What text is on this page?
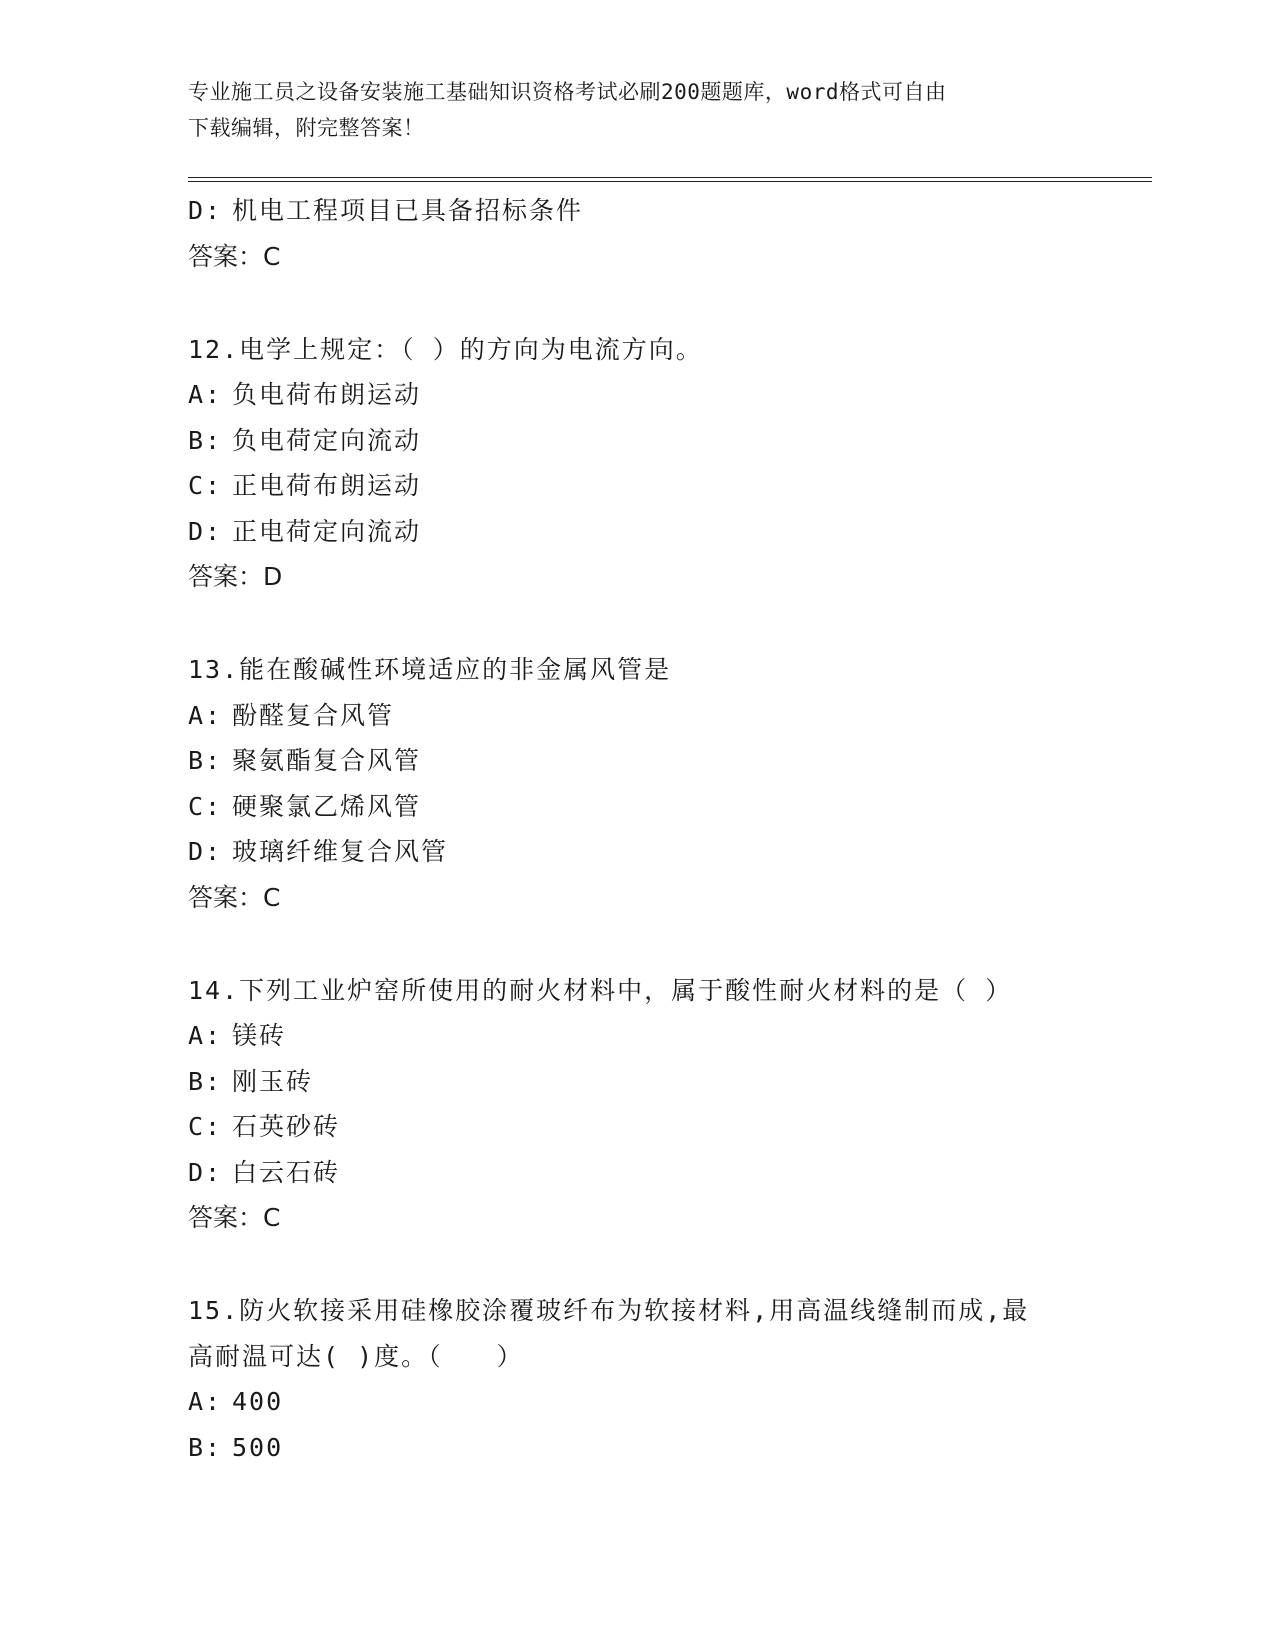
专业施工员之设备安装施工基础知识资格考试必刷200题题库，word格式可自由
下载编辑，附完整答案！
D: 机电工程项目已具备招标条件
答案：C
12.电学上规定：（ ）的方向为电流方向。
A: 负电荷布朗运动
B: 负电荷定向流动
C: 正电荷布朗运动
D: 正电荷定向流动
答案：D
13.能在酸碱性环境适应的非金属风管是
A: 酚醛复合风管
B: 聚氨酯复合风管
C: 硬聚氯乙烯风管
D: 玻璃纤维复合风管
答案：C
14.下列工业炉窑所使用的耐火材料中，属于酸性耐火材料的是（ ）
A: 镁砖
B: 刚玉砖
C: 石英砂砖
D: 白云石砖
答案：C
15.防火软接采用硅橡胶涂覆玻纤布为软接材料,用高温线缝制而成,最
高耐温可达( )度。（　　）
A: 400
B: 500
